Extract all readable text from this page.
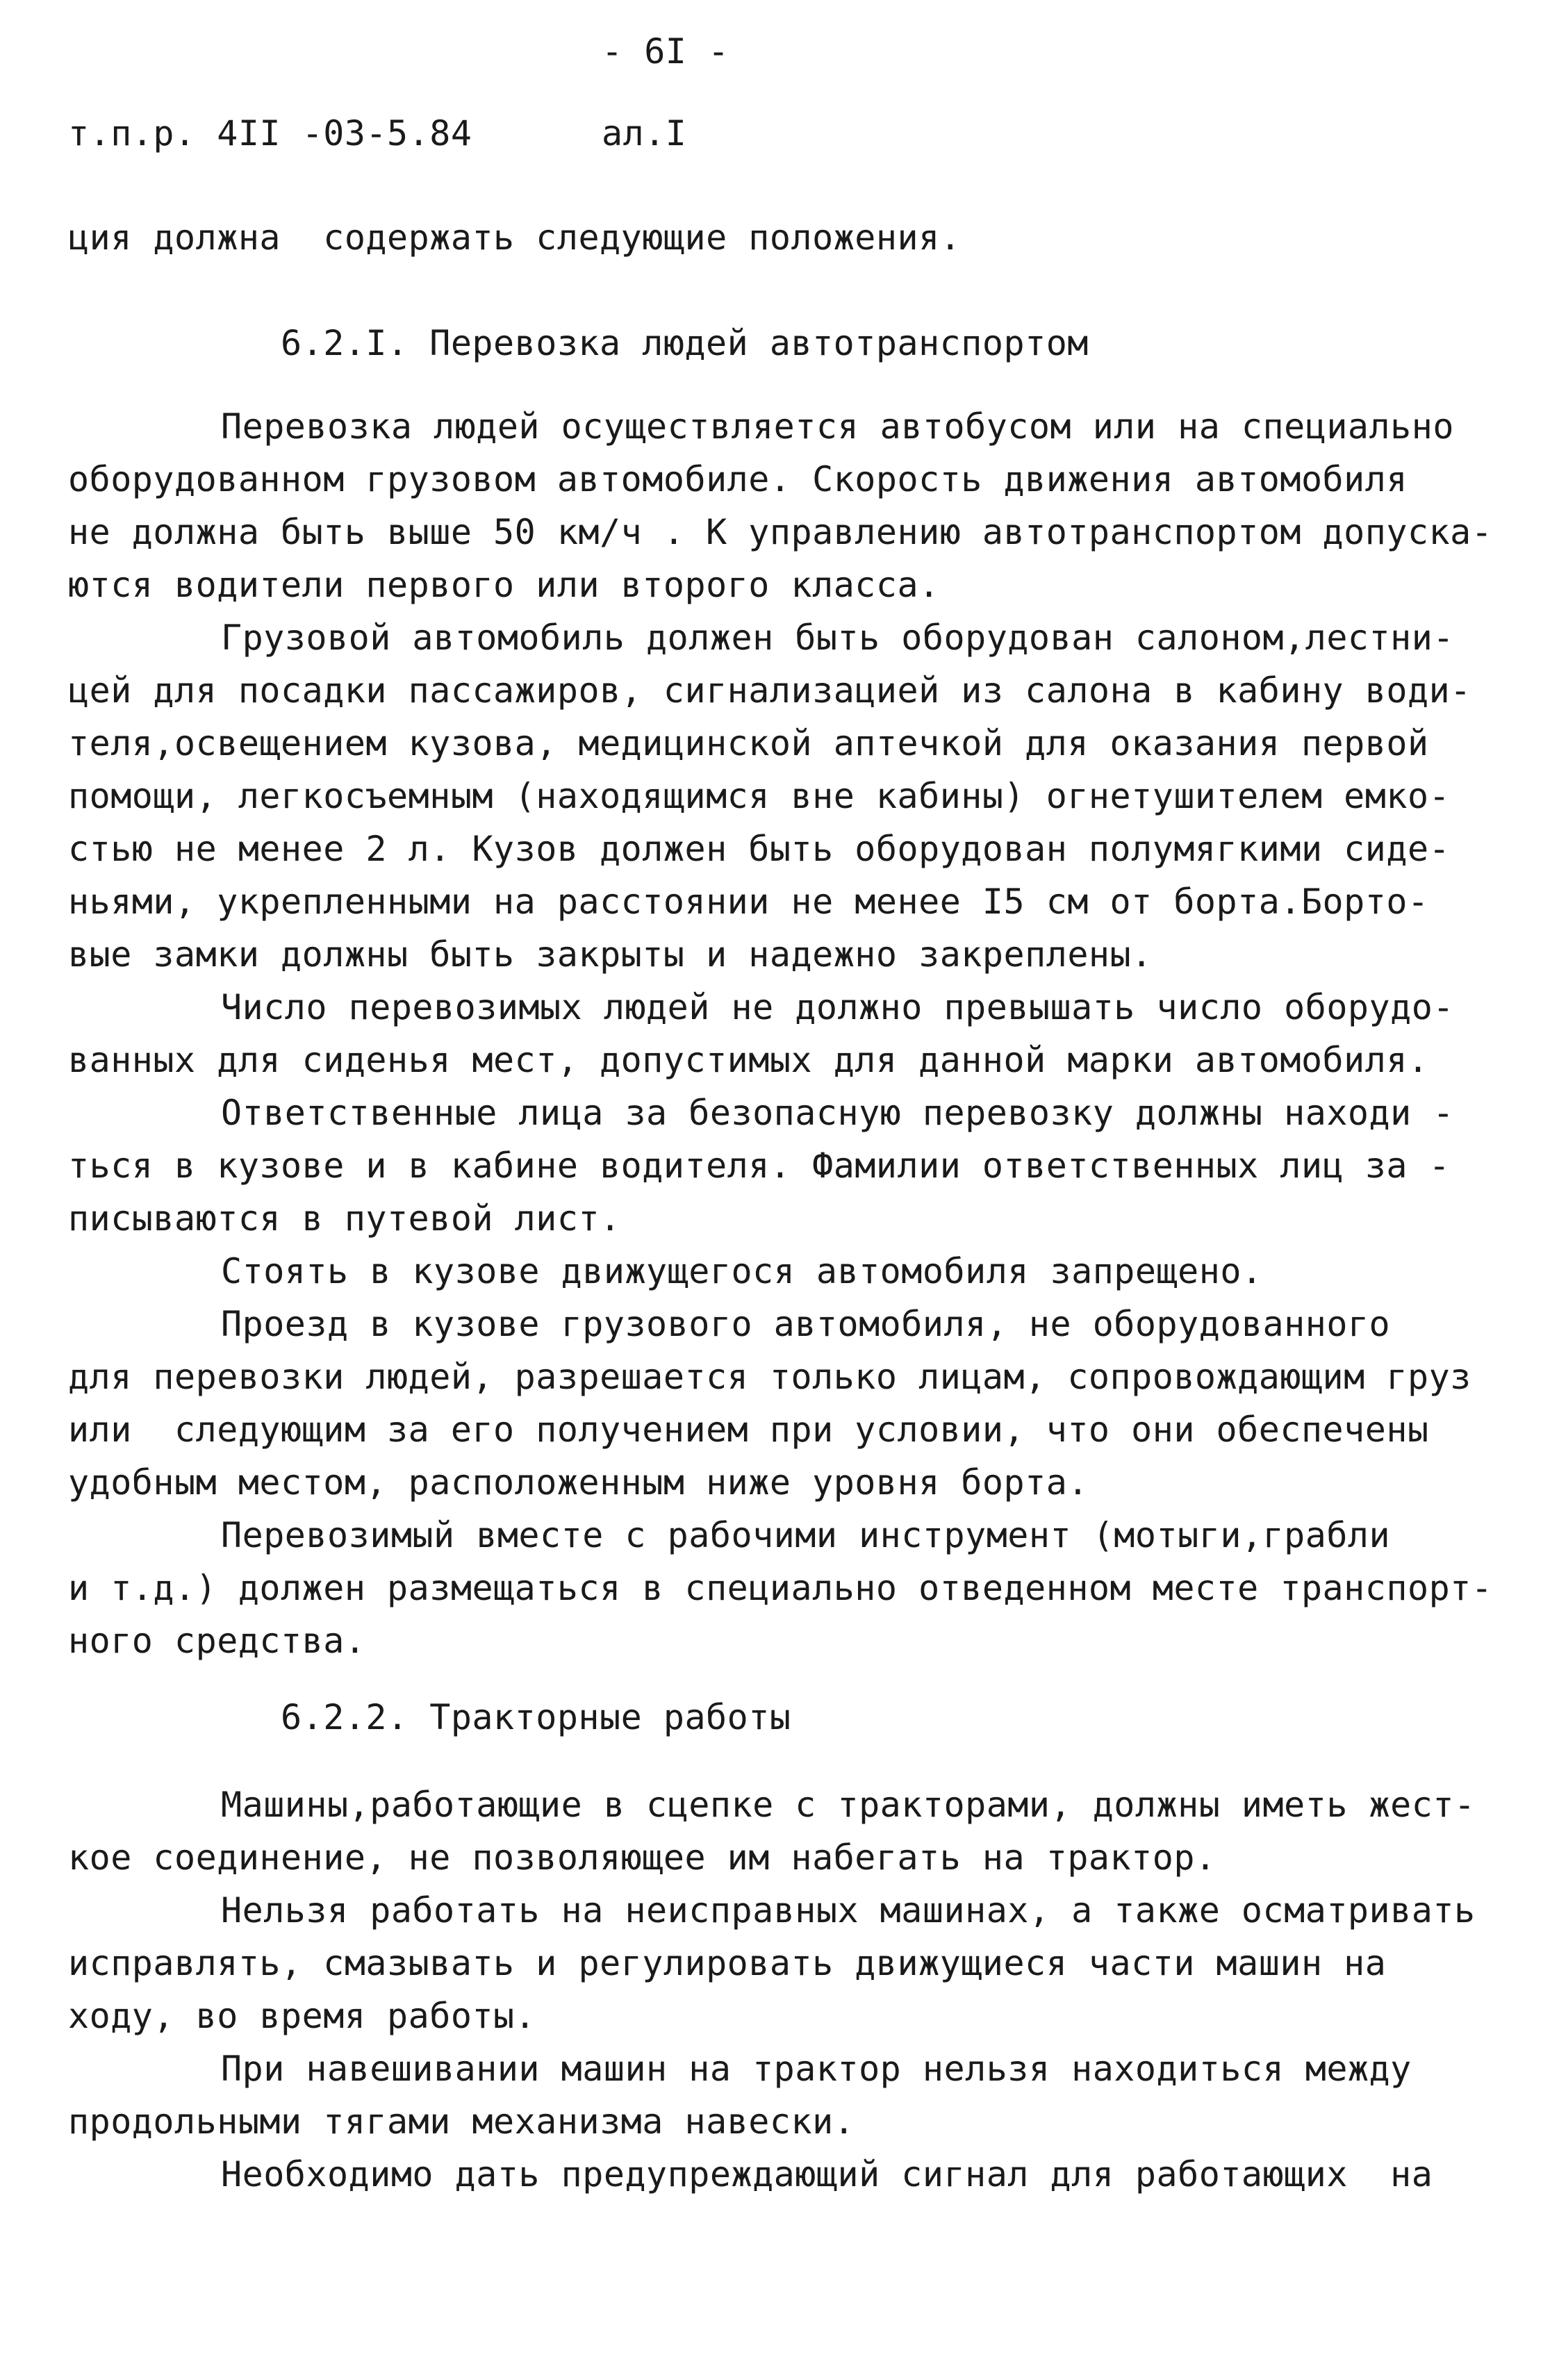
- 6I -
т.п.р. 4II -03-5.84	ал.I
ция должна  содержать следующие положения.
6.2.I. Перевозка людей автотранспортом
Перевозка людей осуществляется автобусом или на специально
оборудованном грузовом автомобиле. Скорость движения автомобиля
не должна быть выше 50 км/ч . К управлению автотранспортом допуска-
ются водители первого или второго класса.
Грузовой автомобиль должен быть оборудован салоном,лестни-
цей для посадки пассажиров, сигнализацией из салона в кабину води-
теля,освещением кузова, медицинской аптечкой для оказания первой
помощи, легкосъемным (находящимся вне кабины) огнетушителем емко-
стью не менее 2 л. Кузов должен быть оборудован полумягкими сиде-
ньями, укрепленными на расстоянии не менее I5 см от борта.Борто-
вые замки должны быть закрыты и надежно закреплены.
Число перевозимых людей не должно превышать число оборудо-
ванных для сиденья мест, допустимых для данной марки автомобиля.
Ответственные лица за безопасную перевозку должны находи -
ться в кузове и в кабине водителя. Фамилии ответственных лиц за -
писываются в путевой лист.
Стоять в кузове движущегося автомобиля запрещено.
Проезд в кузове грузового автомобиля, не оборудованного
для перевозки людей, разрешается только лицам, сопровождающим груз
или  следующим за его получением при условии, что они обеспечены
удобным местом, расположенным ниже уровня борта.
Перевозимый вместе с рабочими инструмент (мотыги,грабли
и т.д.) должен размещаться в специально отведенном месте транспорт-
ного средства.
6.2.2. Тракторные работы
Машины,работающие в сцепке с тракторами, должны иметь жест-
кое соединение, не позволяющее им набегать на трактор.
Нельзя работать на неисправных машинах, а также осматривать
исправлять, смазывать и регулировать движущиеся части машин на
ходу, во время работы.
При навешивании машин на трактор нельзя находиться между
продольными тягами механизма навески.
Необходимо дать предупреждающий сигнал для работающих  на
